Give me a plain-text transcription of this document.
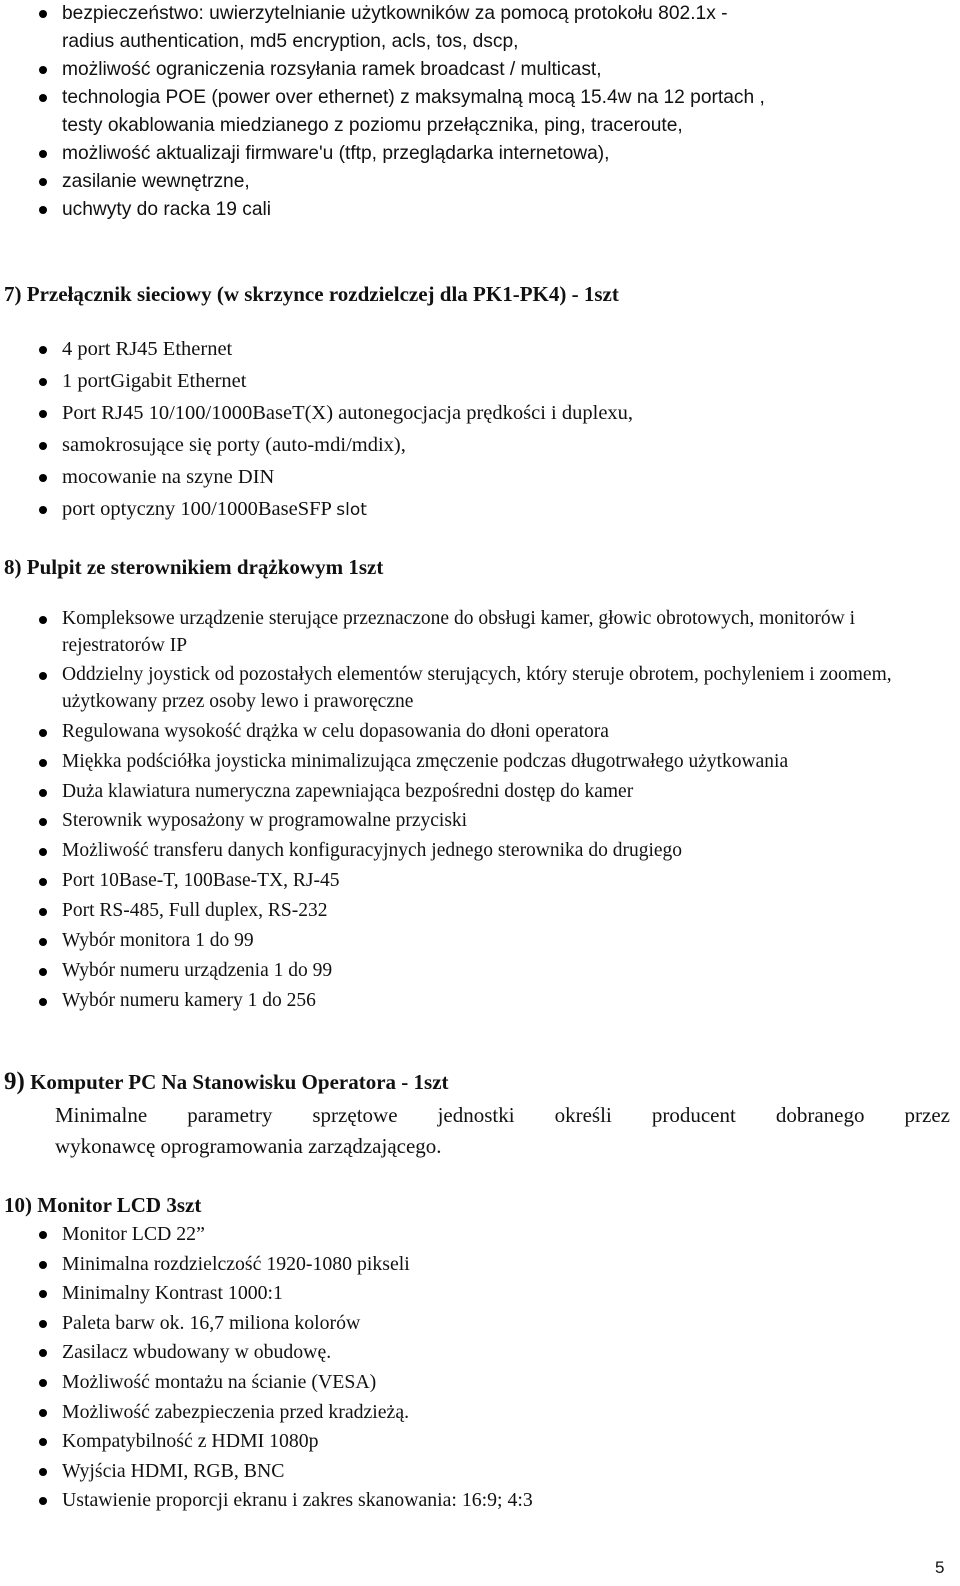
bezpieczeństwo: uwierzytelnianie użytkowników za pomocą protokołu 802.1x -
radius authentication, md5 encryption, acls, tos, dscp,
możliwość ograniczenia rozsyłania ramek broadcast / multicast,
technologia POE (power over ethernet) z maksymalną mocą 15.4w na 12 portach ,
testy okablowania miedzianego z poziomu przełącznika, ping, traceroute,
możliwość aktualizaji firmware'u (tftp, przeglądarka internetowa),
zasilanie wewnętrzne,
uchwyty do racka 19 cali
7) Przełącznik sieciowy (w skrzynce rozdzielczej dla PK1-PK4) - 1szt
4 port RJ45 Ethernet
1 portGigabit Ethernet
Port RJ45 10/100/1000BaseT(X) autonegocjacja prędkości i duplexu,
samokrosujące się porty (auto-mdi/mdix),
mocowanie na szyne DIN
port optyczny 100/1000BaseSFP slot
8) Pulpit ze sterownikiem drążkowym 1szt
Kompleksowe urządzenie sterujące przeznaczone do obsługi kamer, głowic obrotowych, monitorów i rejestratorów IP
Oddzielny joystick od pozostałych elementów sterujących, który steruje obrotem, pochyleniem i zoomem, użytkowany przez osoby lewo i praworęczne
Regulowana wysokość drążka w celu dopasowania do dłoni operatora
Miękka podściółka joysticka minimalizująca zmęczenie podczas długotrwałego użytkowania
Duża klawiatura numeryczna zapewniająca bezpośredni dostęp do kamer
Sterownik wyposażony w programowalne przyciski
Możliwość transferu danych konfiguracyjnych jednego sterownika do drugiego
Port 10Base-T, 100Base-TX, RJ-45
Port RS-485, Full duplex, RS-232
Wybór monitora 1 do 99
Wybór numeru urządzenia 1 do 99
Wybór numeru kamery 1 do 256
9) Komputer PC Na Stanowisku Operatora - 1szt
Minimalne parametry sprzętowe jednostki określi producent dobranego przez
wykonawcę oprogramowania zarządzającego.
10) Monitor LCD 3szt
Monitor LCD 22”
Minimalna rozdzielczość 1920-1080 pikseli
Minimalny Kontrast 1000:1
Paleta barw ok. 16,7 miliona kolorów
Zasilacz wbudowany w obudowę.
Możliwość montażu na ścianie (VESA)
Możliwość zabezpieczenia przed kradzieżą.
Kompatybilność z HDMI 1080p
Wyjścia HDMI, RGB, BNC
Ustawienie proporcji ekranu i zakres skanowania: 16:9; 4:3
5
